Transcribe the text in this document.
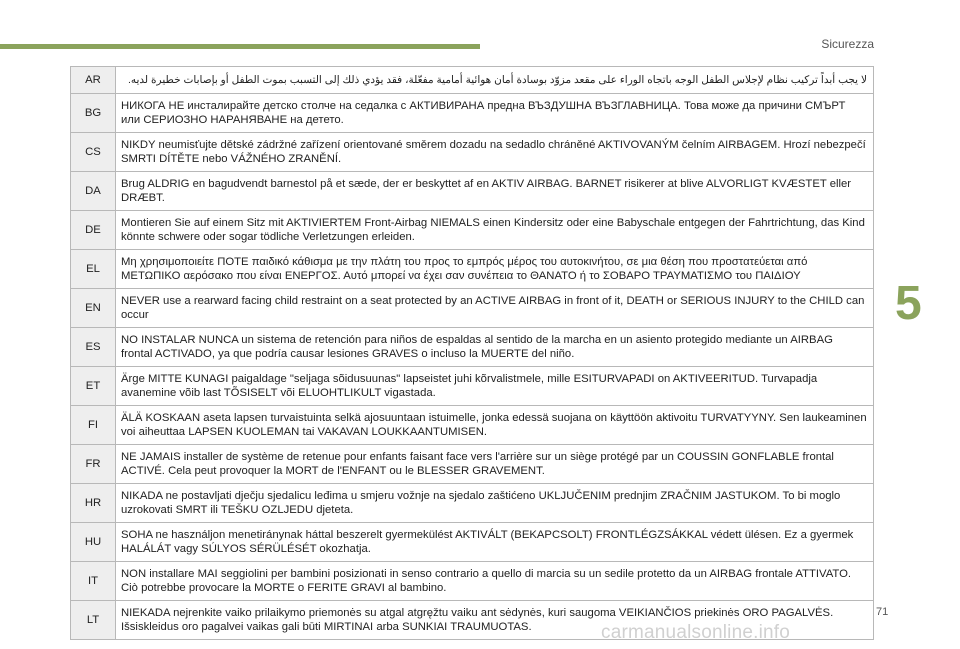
Sicurezza
5
AR	لا يجب أبداً تركيب نظام لإجلاس الطفل الوجه باتجاه الوراء على مقعد مزوّد بوسادة أمان هوائية أمامية مفعّلة، فقد يؤدي ذلك إلى التسبب بموت الطفل أو بإصابات خطيرة لديه.
BG	НИКОГА НЕ инсталирайте детско столче на седалка с АКТИВИРАНА предна ВЪЗДУШНА ВЪЗГЛАВНИЦА. Това може да причини СМЪРТ или СЕРИОЗНО НАРАНЯВАНЕ на детето.
CS	NIKDY neumisťujte dětské zádržné zařízení orientované směrem dozadu na sedadlo chráněné AKTIVOVANÝM čelním AIRBAGEM. Hrozí nebezpečí SMRTI DÍTĚTE nebo VÁŽNÉHO ZRANĚNÍ.
DA	Brug ALDRIG en bagudvendt barnestol på et sæde, der er beskyttet af en AKTIV AIRBAG. BARNET risikerer at blive ALVORLIGT KVÆSTET eller DRÆBT.
DE	Montieren Sie auf einem Sitz mit AKTIVIERTEM Front-Airbag NIEMALS einen Kindersitz oder eine Babyschale entgegen der Fahrtrichtung, das Kind könnte schwere oder sogar tödliche Verletzungen erleiden.
EL	Μη χρησιμοποιείτε ΠΟΤΕ παιδικό κάθισμα με την πλάτη του προς το εμπρός μέρος του αυτοκινήτου, σε μια θέση που προστατεύεται από ΜΕΤΩΠΙΚΟ αερόσακο που είναι ΕΝΕΡΓΟΣ. Αυτό μπορεί να έχει σαν συνέπεια το ΘΑΝΑΤΟ ή το ΣΟΒΑΡΟ ΤΡΑΥΜΑΤΙΣΜΟ του ΠΑΙΔΙΟΥ
EN	NEVER use a rearward facing child restraint on a seat protected by an ACTIVE AIRBAG in front of it, DEATH or SERIOUS INJURY to the CHILD can occur
ES	NO INSTALAR NUNCA un sistema de retención para niños de espaldas al sentido de la marcha en un asiento protegido mediante un AIRBAG frontal ACTIVADO, ya que podría causar lesiones GRAVES o incluso la MUERTE del niño.
ET	Ärge MITTE KUNAGI paigaldage "seljaga sõidusuunas" lapseistet juhi kõrvalistmele, mille ESITURVAPADI on AKTIVEERITUD. Turvapadja avanemine võib last TÕSISELT või ELUOHTLIKULT vigastada.
FI	ÄLÄ KOSKAAN aseta lapsen turvaistuinta selkä ajosuuntaan istuimelle, jonka edessä suojana on käyttöön aktivoitu TURVATYYNY. Sen laukeaminen voi aiheuttaa LAPSEN KUOLEMAN tai VAKAVAN LOUKKAANTUMISEN.
FR	NE JAMAIS installer de système de retenue pour enfants faisant face vers l'arrière sur un siège protégé par un COUSSIN GONFLABLE frontal ACTIVÉ. Cela peut provoquer la MORT de l'ENFANT ou le BLESSER GRAVEMENT.
HR	NIKADA ne postavljati dječju sjedalicu leđima u smjeru vožnje na sjedalo zaštićeno UKLJUČENIM prednjim ZRAČNIM JASTUKOM. To bi moglo uzrokovati SMRT ili TEŠKU OZLJEDU djeteta.
HU	SOHA ne használjon menetiránynak háttal beszerelt gyermekülést AKTIVÁLT (BEKAPCSOLT) FRONTLÉGZSÁKKAL védett ülésen. Ez a gyermek HALÁLÁT vagy SÚLYOS SÉRÜLÉSÉT okozhatja.
IT	NON installare MAI seggiolini per bambini posizionati in senso contrario a quello di marcia su un sedile protetto da un AIRBAG frontale ATTIVATO. Ciò potrebbe provocare la MORTE o FERITE GRAVI al bambino.
LT	NIEKADA nejrenkite vaiko prilaikymo priemonės su atgal atgręžtu vaiku ant sėdynės, kuri saugoma VEIKIANČIOS priekinės ORO PAGALVĖS. Išsiskleidus oro pagalvei vaikas gali būti MIRTINAI arba SUNKIAI TRAUMUOTAS.
71
carmanualsonline.info
